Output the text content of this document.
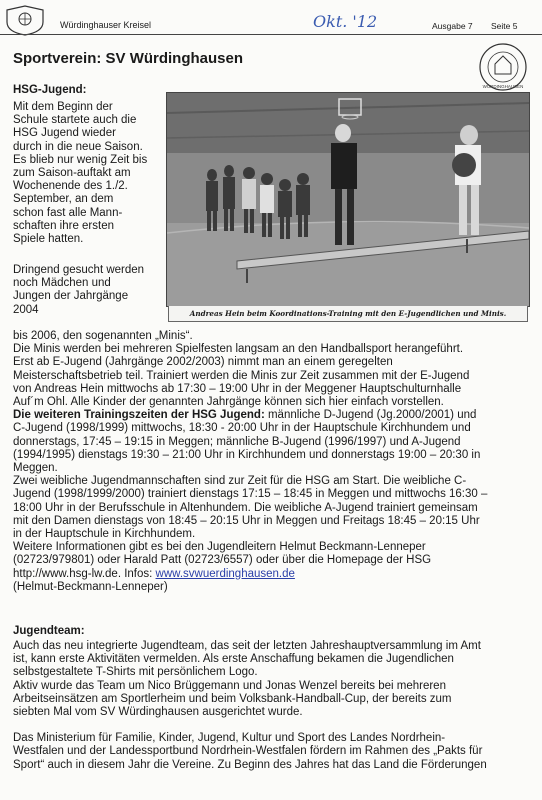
Würdinghauser Kreisel	Okt. '12	Ausgabe 7 Seite 5
WÜRDINGHAUSEN
Sportverein: SV Würdinghausen
HSG-Jugend:
Mit dem Beginn der
Schule startete auch die
HSG Jugend wieder
durch in die neue Saison.
Es blieb nur wenig Zeit bis
zum Saison-auftakt am
Wochenende des 1./2.
September, an dem
schon fast alle Mann-
schaften ihre ersten
Spiele hatten.
Dringend gesucht werden
noch Mädchen und
Jungen der Jahrgänge
2004	Andreas Hein beim Koordinations-Training mit den E-Jugendlichen und Minis.

bis 2006, den sogenannten „Minis“.

Die Minis werden bei mehreren Spielfesten langsam an den Handballsport herangeführt.

Erst ab E-Jugend (Jahrgänge 2002/2003) nimmt man an einem geregelten

Meisterschaftsbetrieb teil. Trainiert werden die Minis zur Zeit zusammen mit der E-Jugend

von Andreas Hein mittwochs ab 17:30 – 19:00 Uhr in der Meggener Hauptschulturnhalle

Auf´m Ohl. Alle Kinder der genannten Jahrgänge können sich hier einfach vorstellen.

Die weiteren Trainingszeiten der HSG Jugend: männliche D-Jugend (Jg.2000/2001) und

C-Jugend (1998/1999) mittwochs, 18:30 - 20:00 Uhr in der Hauptschule Kirchhundem und

donnerstags, 17:45 – 19:15 in Meggen; männliche B-Jugend (1996/1997) und A-Jugend

(1994/1995) dienstags 19:30 – 21:00 Uhr in Kirchhundem und donnerstags 19:00 – 20:30 in

Meggen.

Zwei weibliche Jugendmannschaften sind zur Zeit für die HSG am Start. Die weibliche C-

Jugend (1998/1999/2000) trainiert dienstags 17:15 – 18:45 in Meggen und mittwochs 16:30 –

18:00 Uhr in der Berufsschule in Altenhundem. Die weibliche A-Jugend trainiert gemeinsam

mit den Damen dienstags von 18:45 – 20:15 Uhr in Meggen und Freitags 18:45 – 20:15 Uhr

in der Hauptschule in Kirchhundem.

Weitere Informationen gibt es bei den Jugendleitern Helmut Beckmann-Lenneper

(02723/979801) oder Harald Patt (02723/6557) oder über die Homepage der HSG

http://www.hsg-lw.de. Infos: www.svwuerdinghausen.de

(Helmut-Beckmann-Lenneper)

Jugendteam:

Auch das neu integrierte Jugendteam, das seit der letzten Jahreshauptversammlung im Amt

ist, kann erste Aktivitäten vermelden. Als erste Anschaffung bekamen die Jugendlichen

selbstgestaltete T-Shirts mit persönlichem Logo.

Aktiv wurde das Team um Nico Brüggemann und Jonas Wenzel bereits bei mehreren

Arbeitseinsätzen am Sportlerheim und beim Volksbank-Handball-Cup, der bereits zum

siebten Mal vom SV Würdinghausen ausgerichtet wurde.

Das Ministerium für Familie, Kinder, Jugend, Kultur und Sport des Landes Nordrhein-

Westfalen und der Landessportbund Nordrhein-Westfalen fördern im Rahmen des „Pakts für

Sport“ auch in diesem Jahr die Vereine. Zu Beginn des Jahres hat das Land die Förderungen
